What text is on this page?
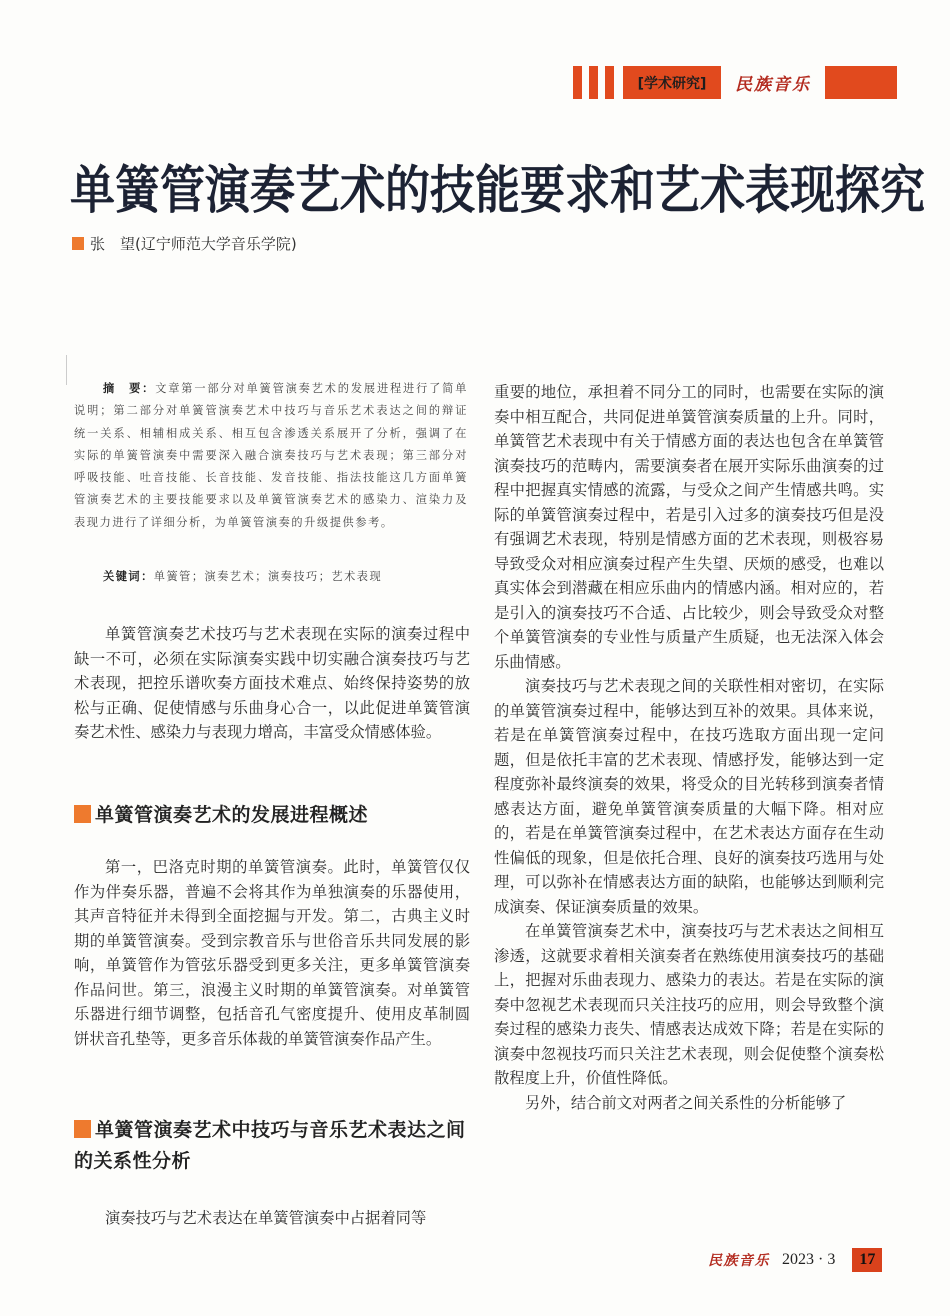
[学术研究]	民族音乐
单簧管演奏艺术的技能要求和艺术表现探究
张　望(辽宁师范大学音乐学院)
摘　要：文章第一部分对单簧管演奏艺术的发展进程进行了简单说明；第二部分对单簧管演奏艺术中技巧与音乐艺术表达之间的辩证统一关系、相辅相成关系、相互包含渗透关系展开了分析，强调了在实际的单簧管演奏中需要深入融合演奏技巧与艺术表现；第三部分对呼吸技能、吐音技能、长音技能、发音技能、指法技能这几方面单簧管演奏艺术的主要技能要求以及单簧管演奏艺术的感染力、渲染力及表现力进行了详细分析，为单簧管演奏的升级提供参考。
关键词：单簧管；演奏艺术；演奏技巧；艺术表现

单簧管演奏艺术技巧与艺术表现在实际的演奏过程中缺一不可，必须在实际演奏实践中切实融合演奏技巧与艺术表现，把控乐谱吹奏方面技术难点、始终保持姿势的放松与正确、促使情感与乐曲身心合一，以此促进单簧管演奏艺术性、感染力与表现力增高，丰富受众情感体验。

单簧管演奏艺术的发展进程概述

第一，巴洛克时期的单簧管演奏。此时，单簧管仅仅作为伴奏乐器，普遍不会将其作为单独演奏的乐器使用，其声音特征并未得到全面挖掘与开发。第二，古典主义时期的单簧管演奏。受到宗教音乐与世俗音乐共同发展的影响，单簧管作为管弦乐器受到更多关注，更多单簧管演奏作品问世。第三，浪漫主义时期的单簧管演奏。对单簧管乐器进行细节调整，包括音孔气密度提升、使用皮革制圆饼状音孔垫等，更多音乐体裁的单簧管演奏作品产生。

单簧管演奏艺术中技巧与音乐艺术表达之间的关系性分析

演奏技巧与艺术表达在单簧管演奏中占据着同等

重要的地位，承担着不同分工的同时，也需要在实际的演奏中相互配合，共同促进单簧管演奏质量的上升。同时，单簧管艺术表现中有关于情感方面的表达也包含在单簧管演奏技巧的范畴内，需要演奏者在展开实际乐曲演奏的过程中把握真实情感的流露，与受众之间产生情感共鸣。实际的单簧管演奏过程中，若是引入过多的演奏技巧但是没有强调艺术表现，特别是情感方面的艺术表现，则极容易导致受众对相应演奏过程产生失望、厌烦的感受，也难以真实体会到潜藏在相应乐曲内的情感内涵。相对应的，若是引入的演奏技巧不合适、占比较少，则会导致受众对整个单簧管演奏的专业性与质量产生质疑，也无法深入体会乐曲情感。

演奏技巧与艺术表现之间的关联性相对密切，在实际的单簧管演奏过程中，能够达到互补的效果。具体来说，若是在单簧管演奏过程中，在技巧选取方面出现一定问题，但是依托丰富的艺术表现、情感抒发，能够达到一定程度弥补最终演奏的效果，将受众的目光转移到演奏者情感表达方面，避免单簧管演奏质量的大幅下降。相对应的，若是在单簧管演奏过程中，在艺术表达方面存在生动性偏低的现象，但是依托合理、良好的演奏技巧选用与处理，可以弥补在情感表达方面的缺陷，也能够达到顺利完成演奏、保证演奏质量的效果。

在单簧管演奏艺术中，演奏技巧与艺术表达之间相互渗透，这就要求着相关演奏者在熟练使用演奏技巧的基础上，把握对乐曲表现力、感染力的表达。若是在实际的演奏中忽视艺术表现而只关注技巧的应用，则会导致整个演奏过程的感染力丧失、情感表达成效下降；若是在实际的演奏中忽视技巧而只关注艺术表现，则会促使整个演奏松散程度上升，价值性降低。

另外，结合前文对两者之间关系性的分析能够了

民族音乐 2023 · 3	17
